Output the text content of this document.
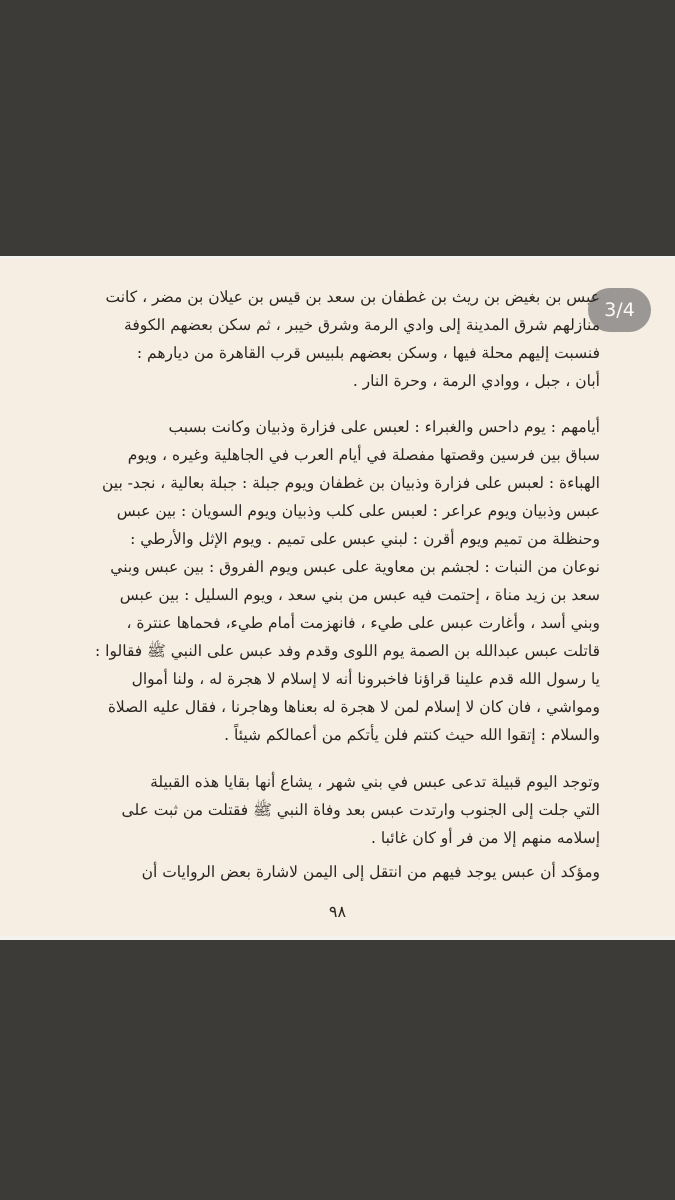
3/4
عبس بن بغيض بن ريث بن غطفان بن سعد بن قيس بن عيلان بن مضر ، كانت
منازلهم شرق المدينة إلى وادي الرمة وشرق خيبر ، ثم سكن بعضهم الكوفة
فنسبت إليهم محلة فيها ، وسكن بعضهم بلبيس قرب القاهرة من ديارهم :
أبان ، جبل ، ووادي الرمة ، وحرة النار .
أيامهم : يوم داحس والغبراء : لعبس على فزارة وذبيان وكانت بسبب
سباق بين فرسين وقصتها مفصلة في أيام العرب في الجاهلية وغيره ، ويوم
الهباءة : لعبس على فزارة وذبيان بن غطفان ويوم جبلة : جبلة بعالية ، نجد- بين
عبس وذبيان ويوم عراعر : لعبس على كلب وذبيان ويوم السويان : بين عبس
وحنظلة من تميم ويوم أقرن : لبني عبس على تميم . ويوم الإثل والأرطي :
نوعان من النبات : لجشم بن معاوية على عبس ويوم الفروق : بين عبس وبني
سعد بن زيد مناة ، إحتمت فيه عبس من بني سعد ، ويوم السليل : بين عبس
وبني أسد ، وأغارت عبس على طيء ، فانهزمت أمام طيء، فحماها عنترة ،
قاتلت عبس عبدالله بن الصمة يوم اللوى وقدم وفد عبس على النبي ﷺ فقالوا :
يا رسول الله قدم علينا قراؤنا فاخبرونا أنه لا إسلام لا هجرة له ، ولنا أموال
ومواشي ، فان كان لا إسلام لمن لا هجرة له بعناها وهاجرنا ، فقال عليه الصلاة
والسلام : إتقوا الله حيث كنتم فلن يأتكم من أعمالكم شيئاً .
وتوجد اليوم قبيلة تدعى عبس في بني شهر ، يشاع أنها بقايا هذه القبيلة
التي جلت إلى الجنوب وارتدت عبس بعد وفاة النبي ﷺ فقتلت من ثبت على
إسلامه منهم إلا من فر أو كان غائبا .
ومؤكد أن عبس يوجد فيهم من انتقل إلى اليمن لاشارة بعض الروايات أن
٩٨
